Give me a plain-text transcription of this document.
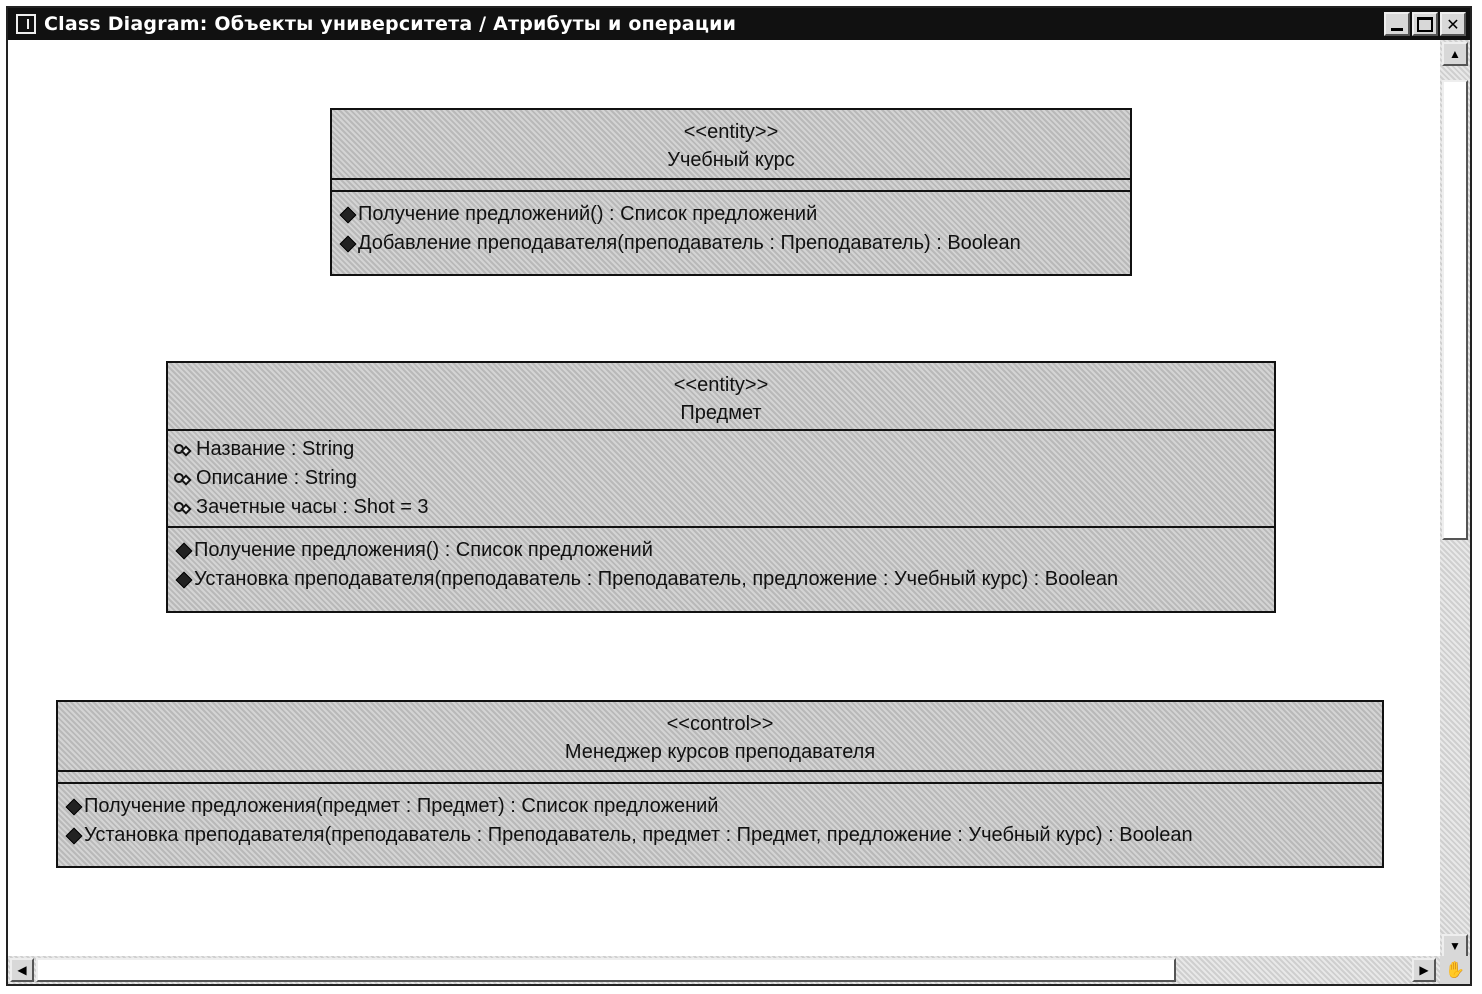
Class Diagram: Объекты университета / Атрибуты и операции	✕
<<entity>>
Учебный курс
Получение предложений() : Список предложений
Добавление преподавателя(преподаватель : Преподаватель) : Boolean
<<entity>>
Предмет
Название : String
Описание : String
Зачетные часы : Shot = 3
Получение предложения() : Список предложений
Установка преподавателя(преподаватель : Преподаватель, предложение : Учебный курс) : Boolean
<<control>>
Менеджер курсов преподавателя
Получение предложения(предмет : Предмет) : Список предложений
Установка преподавателя(преподаватель : Преподаватель, предмет : Предмет, предложение : Учебный курс) : Boolean
▲
▼
◀	▶	✋
